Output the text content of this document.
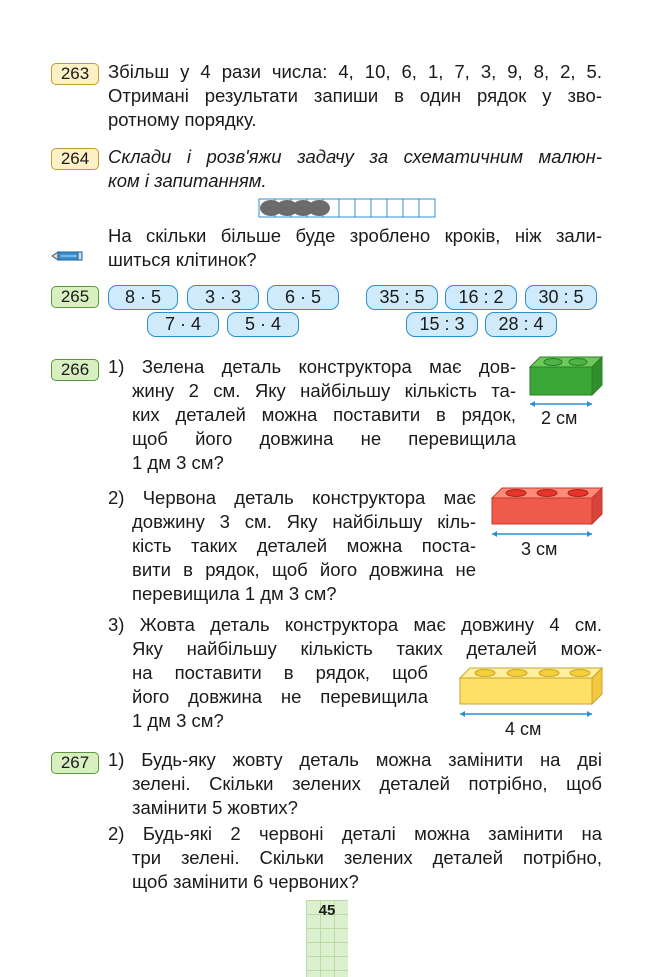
263	Збільш у 4 рази числа: 4, 10, 6, 1, 7, 3, 9, 8, 2, 5.
Отримані результати запиши в один рядок у зво-
ротному порядку.
264	Склади і розв'яжи задачу за схематичним малюн-
ком і запитанням.
На скільки більше буде зроблено кроків, ніж зали-
шиться клітинок?
265	8 · 5	3 · 3	6 · 5
7 · 4	5 · 4
35 : 5	16 : 2	30 : 5
15 : 3	28 : 4
266	1) Зелена деталь конструктора має дов-
жину 2 см. Яку найбільшу кількість та-
ких деталей можна поставити в рядок,
щоб його довжина не перевищила
1 дм 3 см?
2 см
2) Червона деталь конструктора має
довжину 3 см. Яку найбільшу кіль-
кість таких деталей можна поста-
вити в рядок, щоб його довжина не
перевищила 1 дм 3 см?
3 см
3) Жовта деталь конструктора має довжину 4 см.
Яку найбільшу кількість таких деталей мож-
на поставити в рядок, щоб
його довжина не перевищила
1 дм 3 см?	4 см
267	1) Будь-яку жовту деталь можна замінити на дві
зелені. Скільки зелених деталей потрібно, щоб
замінити 5 жовтих?
2) Будь-які 2 червоні деталі можна замінити на
три зелені. Скільки зелених деталей потрібно,
щоб замінити 6 червоних?
45
